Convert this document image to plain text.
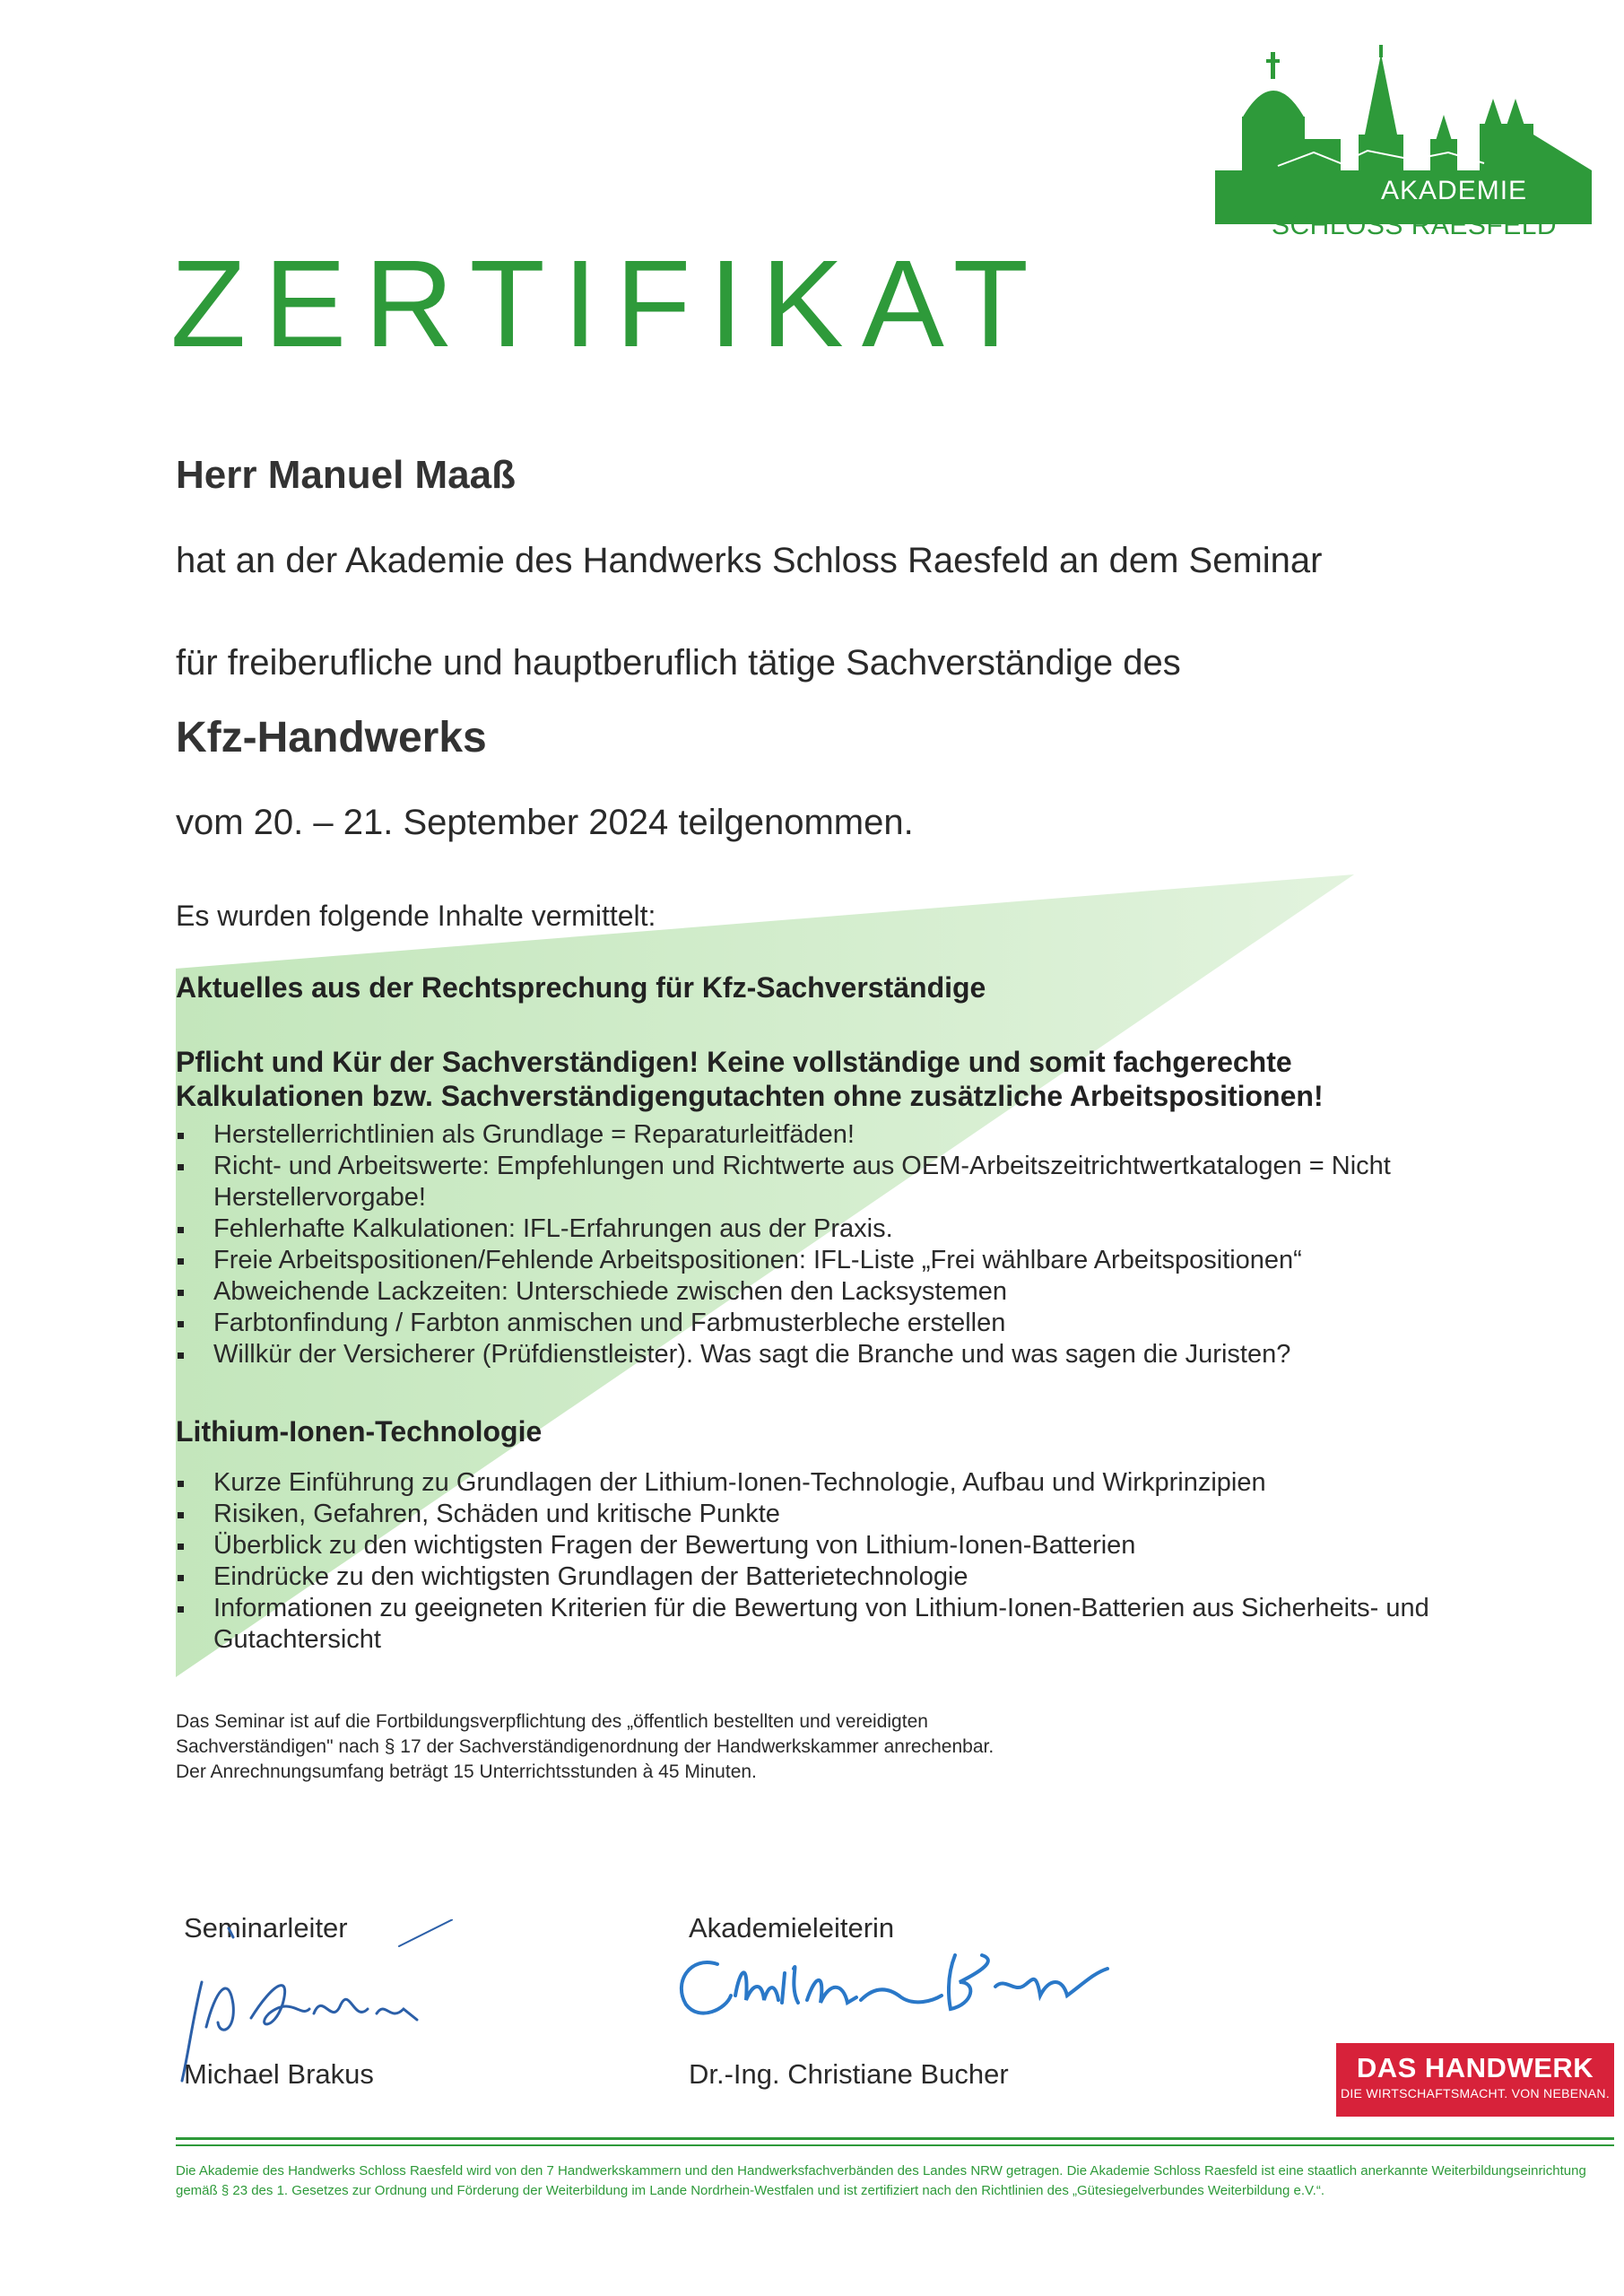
AKADEMIE
SCHLOSS RAESFELD
ZERTIFIKAT
Herr Manuel Maaß
hat an der Akademie des Handwerks Schloss Raesfeld an dem Seminar
für freiberufliche und hauptberuflich tätige Sachverständige des
Kfz-Handwerks
vom 20. – 21. September 2024 teilgenommen.
Es wurden folgende Inhalte vermittelt:
Aktuelles aus der Rechtsprechung für Kfz-Sachverständige
Pflicht und Kür der Sachverständigen! Keine vollständige und somit fachgerechte Kalkulationen bzw. Sachverständigengutachten ohne zusätzliche Arbeitspositionen!
Herstellerrichtlinien als Grundlage = Reparaturleitfäden!
Richt- und Arbeitswerte: Empfehlungen und Richtwerte aus OEM-Arbeitszeitrichtwertkatalogen = Nicht Herstellervorgabe!
Fehlerhafte Kalkulationen: IFL-Erfahrungen aus der Praxis.
Freie Arbeitspositionen/Fehlende Arbeitspositionen: IFL-Liste „Frei wählbare Arbeitspositionen“
Abweichende Lackzeiten: Unterschiede zwischen den Lacksystemen
Farbtonfindung / Farbton anmischen und Farbmusterbleche erstellen
Willkür der Versicherer (Prüfdienstleister). Was sagt die Branche und was sagen die Juristen?
Lithium-Ionen-Technologie
Kurze Einführung zu Grundlagen der Lithium-Ionen-Technologie, Aufbau und Wirkprinzipien
Risiken, Gefahren, Schäden und kritische Punkte
Überblick zu den wichtigsten Fragen der Bewertung von Lithium-Ionen-Batterien
Eindrücke zu den wichtigsten Grundlagen der Batterietechnologie
Informationen zu geeigneten Kriterien für die Bewertung von Lithium-Ionen-Batterien aus Sicherheits- und Gutachtersicht
Das Seminar ist auf die Fortbildungsverpflichtung des „öffentlich bestellten und vereidigten
Sachverständigen" nach § 17 der Sachverständigenordnung der Handwerkskammer anrechenbar.
Der Anrechnungsumfang beträgt 15 Unterrichtsstunden à 45 Minuten.
Seminarleiter
Michael Brakus
Akademieleiterin
Dr.-Ing. Christiane Bucher	DAS HANDWERK
DIE WIRTSCHAFTSMACHT. VON NEBENAN.
Die Akademie des Handwerks Schloss Raesfeld wird von den 7 Handwerkskammern und den Handwerksfachverbänden des Landes NRW getragen. Die Akademie Schloss Raesfeld ist eine staatlich anerkannte Weiterbildungseinrichtung gemäß § 23 des 1. Gesetzes zur Ordnung und Förderung der Weiterbildung im Lande Nordrhein-Westfalen und ist zertifiziert nach den Richtlinien des „Gütesiegelverbundes Weiterbildung e.V.“.
